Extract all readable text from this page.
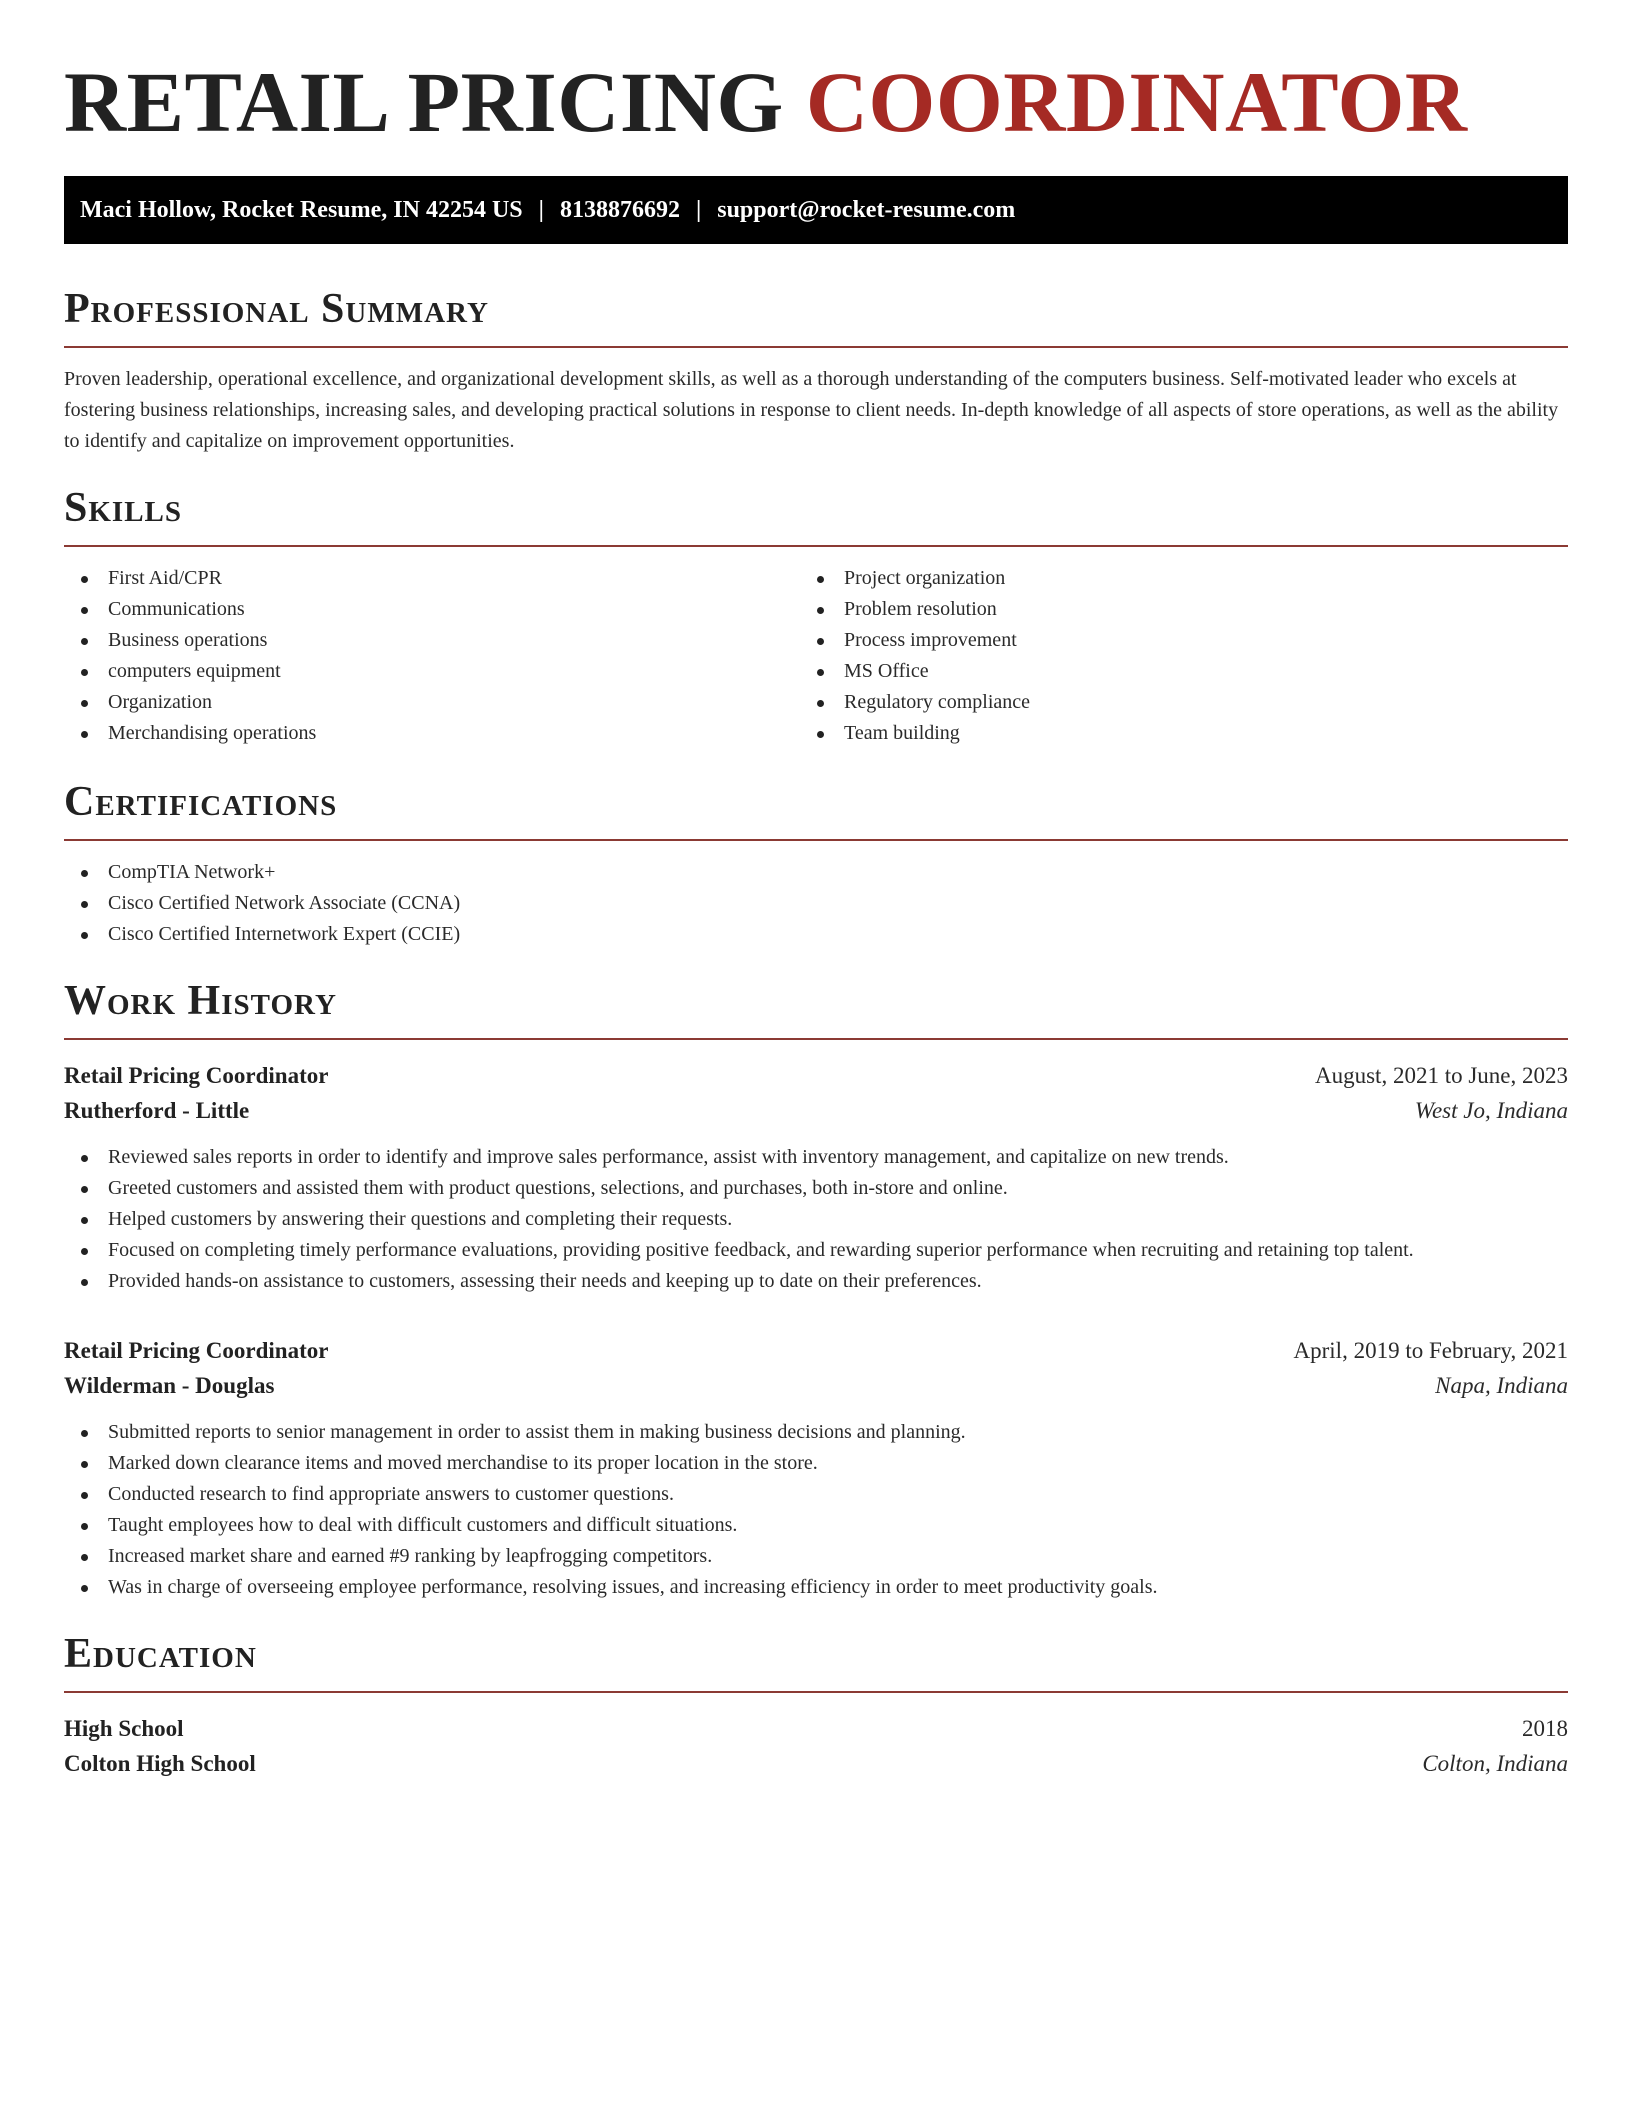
RETAIL PRICING COORDINATOR
Maci Hollow, Rocket Resume, IN 42254 US | 8138876692 | support@rocket-resume.com
Professional Summary

Proven leadership, operational excellence, and organizational development skills, as well as a thorough understanding of the computers business. Self-motivated leader who excels at fostering business relationships, increasing sales, and developing practical solutions in response to client needs. In-depth knowledge of all aspects of store operations, as well as the ability to identify and capitalize on improvement opportunities.

Skills
First Aid/CPR
Communications
Business operations
computers equipment
Organization
Merchandising operations
Project organization
Problem resolution
Process improvement
MS Office
Regulatory compliance
Team building
Certifications
CompTIA Network+
Cisco Certified Network Associate (CCNA)
Cisco Certified Internetwork Expert (CCIE)
Work History
Retail Pricing Coordinator	August, 2021 to June, 2023
Rutherford - Little	West Jo, Indiana
Reviewed sales reports in order to identify and improve sales performance, assist with inventory management, and capitalize on new trends.
Greeted customers and assisted them with product questions, selections, and purchases, both in-store and online.
Helped customers by answering their questions and completing their requests.
Focused on completing timely performance evaluations, providing positive feedback, and rewarding superior performance when recruiting and retaining top talent.
Provided hands-on assistance to customers, assessing their needs and keeping up to date on their preferences.
Retail Pricing Coordinator	April, 2019 to February, 2021
Wilderman - Douglas	Napa, Indiana
Submitted reports to senior management in order to assist them in making business decisions and planning.
Marked down clearance items and moved merchandise to its proper location in the store.
Conducted research to find appropriate answers to customer questions.
Taught employees how to deal with difficult customers and difficult situations.
Increased market share and earned #9 ranking by leapfrogging competitors.
Was in charge of overseeing employee performance, resolving issues, and increasing efficiency in order to meet productivity goals.
Education
High School	2018
Colton High School	Colton, Indiana
